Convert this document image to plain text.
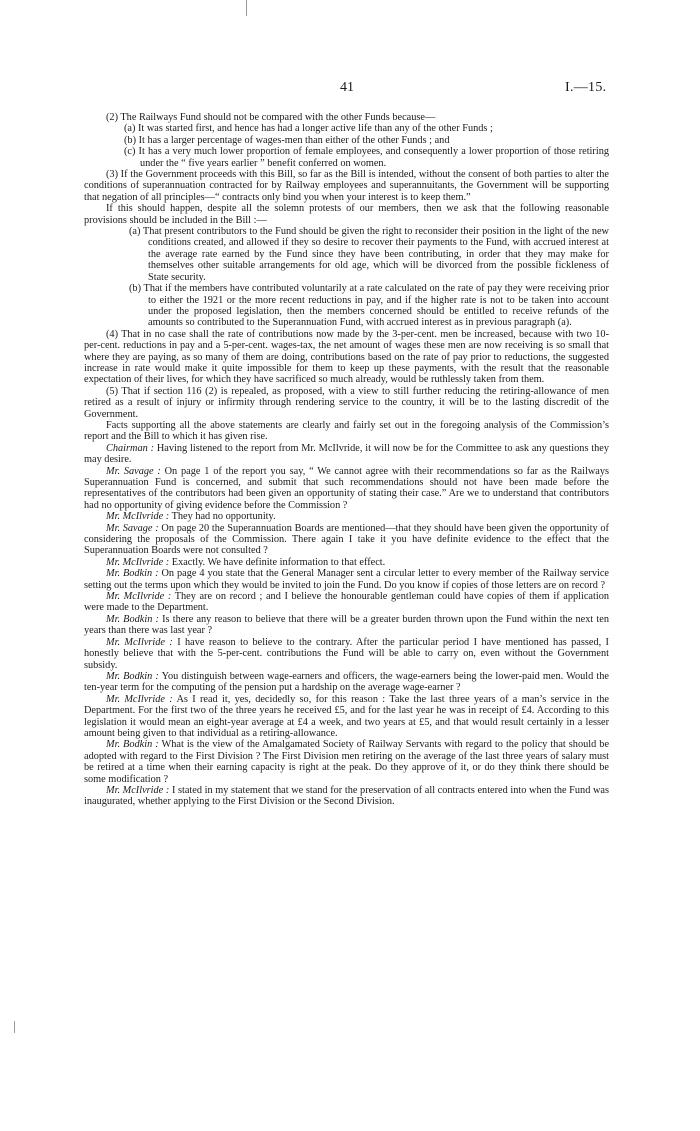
41	I.—15.

(2) The Railways Fund should not be compared with the other Funds because—

(a) It was started first, and hence has had a longer active life than any of the other Funds ;

(b) It has a larger percentage of wages-men than either of the other Funds ; and

(c) It has a very much lower proportion of female employees, and consequently a lower proportion of those retiring under the “ five years earlier ” benefit conferred on women.

(3) If the Government proceeds with this Bill, so far as the Bill is intended, without the consent of both parties to alter the conditions of superannuation contracted for by Railway employees and superannuitants, the Government will be supporting that negation of all principles—“ contracts only bind you when your interest is to keep them.”

If this should happen, despite all the solemn protests of our members, then we ask that the following reasonable provisions should be included in the Bill :—

(a) That present contributors to the Fund should be given the right to reconsider their position in the light of the new conditions created, and allowed if they so desire to recover their payments to the Fund, with accrued interest at the average rate earned by the Fund since they have been contributing, in order that they may make for themselves other suitable arrangements for old age, which will be divorced from the possible fickleness of State security.

(b) That if the members have contributed voluntarily at a rate calculated on the rate of pay they were receiving prior to either the 1921 or the more recent reductions in pay, and if the higher rate is not to be taken into account under the proposed legislation, then the members concerned should be entitled to receive refunds of the amounts so contributed to the Superannuation Fund, with accrued interest as in previous paragraph (a).

(4) That in no case shall the rate of contributions now made by the 3-per-cent. men be increased, because with two 10-per-cent. reductions in pay and a 5-per-cent. wages-tax, the net amount of wages these men are now receiving is so small that where they are paying, as so many of them are doing, contributions based on the rate of pay prior to reductions, the suggested increase in rate would make it quite impossible for them to keep up these payments, with the result that the reasonable expectation of their lives, for which they have sacrificed so much already, would be ruthlessly taken from them.

(5) That if section 116 (2) is repealed, as proposed, with a view to still further reducing the retiring-allowance of men retired as a result of injury or infirmity through rendering service to the country, it will be to the lasting discredit of the Government.

Facts supporting all the above statements are clearly and fairly set out in the foregoing analysis of the Commission’s report and the Bill to which it has given rise.

Chairman : Having listened to the report from Mr. McIlvride, it will now be for the Committee to ask any questions they may desire.

Mr. Savage : On page 1 of the report you say, “ We cannot agree with their recommendations so far as the Railways Superannuation Fund is concerned, and submit that such recommendations should not have been made before the representatives of the contributors had been given an opportunity of stating their case.” Are we to understand that contributors had no opportunity of giving evidence before the Commission ?

Mr. McIlvride : They had no opportunity.

Mr. Savage : On page 20 the Superannuation Boards are mentioned—that they should have been given the opportunity of considering the proposals of the Commission. There again I take it you have definite evidence to the effect that the Superannuation Boards were not consulted ?

Mr. McIlvride : Exactly. We have definite information to that effect.

Mr. Bodkin : On page 4 you state that the General Manager sent a circular letter to every member of the Railway service setting out the terms upon which they would be invited to join the Fund. Do you know if copies of those letters are on record ?

Mr. McIlvride : They are on record ; and I believe the honourable gentleman could have copies of them if application were made to the Department.

Mr. Bodkin : Is there any reason to believe that there will be a greater burden thrown upon the Fund within the next ten years than there was last year ?

Mr. McIlvride : I have reason to believe to the contrary. After the particular period I have mentioned has passed, I honestly believe that with the 5-per-cent. contributions the Fund will be able to carry on, even without the Government subsidy.

Mr. Bodkin : You distinguish between wage-earners and officers, the wage-earners being the lower-paid men. Would the ten-year term for the computing of the pension put a hardship on the average wage-earner ?

Mr. McIlvride : As I read it, yes, decidedly so, for this reason : Take the last three years of a man’s service in the Department. For the first two of the three years he received £5, and for the last year he was in receipt of £4. According to this legislation it would mean an eight-year average at £4 a week, and two years at £5, and that would result certainly in a lesser amount being given to that individual as a retiring-allowance.

Mr. Bodkin : What is the view of the Amalgamated Society of Railway Servants with regard to the policy that should be adopted with regard to the First Division ? The First Division men retiring on the average of the last three years of salary must be retired at a time when their earning capacity is right at the peak. Do they approve of it, or do they think there should be some modification ?

Mr. McIlvride : I stated in my statement that we stand for the preservation of all contracts entered into when the Fund was inaugurated, whether applying to the First Division or the Second Division.
